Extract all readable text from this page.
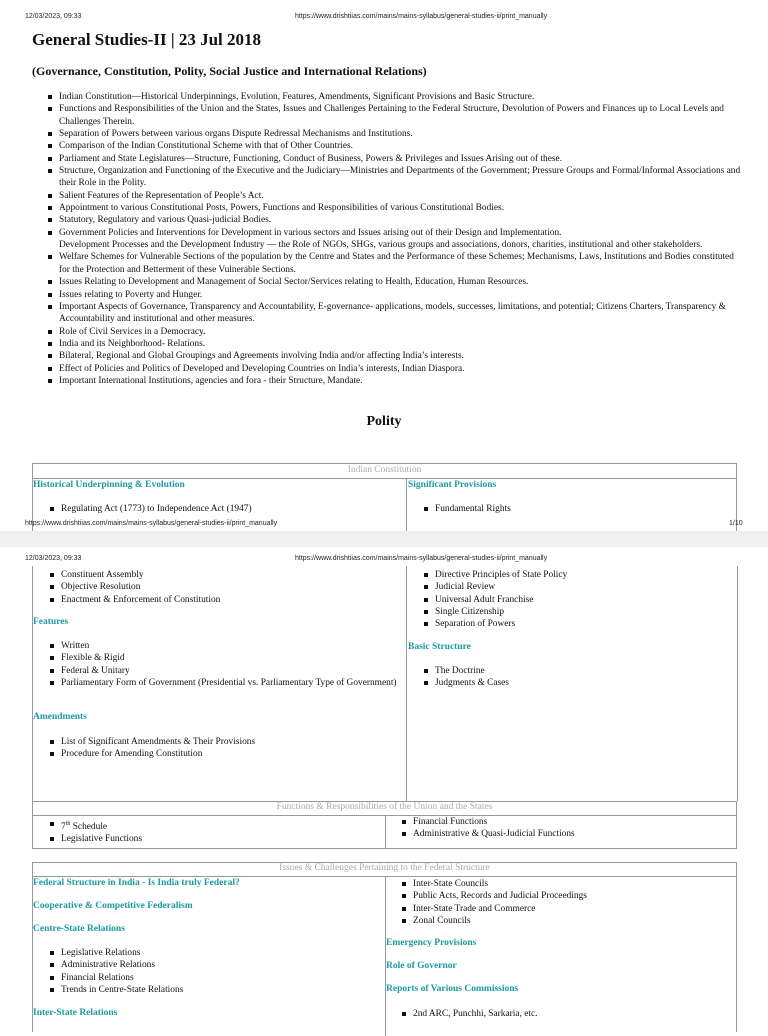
12/03/2023, 09:33	https://www.drishtiias.com/mains/mains-syllabus/general-studies-ii/print_manually
General Studies-II | 23 Jul 2018

(Governance, Constitution, Polity, Social Justice and International Relations)

Indian Constitution—Historical Underpinnings, Evolution, Features, Amendments, Significant Provisions and Basic Structure.
Functions and Responsibilities of the Union and the States, Issues and Challenges Pertaining to the Federal Structure, Devolution of Powers and Finances up to Local Levels and Challenges Therein.
Separation of Powers between various organs Dispute Redressal Mechanisms and Institutions.
Comparison of the Indian Constitutional Scheme with that of Other Countries.
Parliament and State Legislatures—Structure, Functioning, Conduct of Business, Powers & Privileges and Issues Arising out of these.
Structure, Organization and Functioning of the Executive and the Judiciary—Ministries and Departments of the Government; Pressure Groups and Formal/Informal Associations and their Role in the Polity.
Salient Features of the Representation of People’s Act.
Appointment to various Constitutional Posts, Powers, Functions and Responsibilities of various Constitutional Bodies.
Statutory, Regulatory and various Quasi-judicial Bodies.
Government Policies and Interventions for Development in various sectors and Issues arising out of their Design and Implementation.
Development Processes and the Development Industry — the Role of NGOs, SHGs, various groups and associations, donors, charities, institutional and other stakeholders.
Welfare Schemes for Vulnerable Sections of the population by the Centre and States and the Performance of these Schemes; Mechanisms, Laws, Institutions and Bodies constituted for the Protection and Betterment of these Vulnerable Sections.
Issues Relating to Development and Management of Social Sector/Services relating to Health, Education, Human Resources.
Issues relating to Poverty and Hunger.
Important Aspects of Governance, Transparency and Accountability, E-governance- applications, models, successes, limitations, and potential; Citizens Charters, Transparency & Accountability and institutional and other measures.
Role of Civil Services in a Democracy.
India and its Neighborhood- Relations.
Bilateral, Regional and Global Groupings and Agreements involving India and/or affecting India’s interests.
Effect of Policies and Politics of Developed and Developing Countries on India’s interests, Indian Diaspora.
Important International Institutions, agencies and fora - their Structure, Mandate.
Polity
Indian Constitution

Historical Underpinning & Evolution	Significant Provisions

Regulating Act (1773) to Independence Act (1947)	Fundamental Rights
https://www.drishtiias.com/mains/mains-syllabus/general-studies-ii/print_manually	1/10
12/03/2023, 09:33	https://www.drishtiias.com/mains/mains-syllabus/general-studies-ii/print_manually
Constituent Assembly
Objective Resolution
Enactment & Enforcement of Constitution

Features

Written
Flexible & Rigid
Federal & Unitary
Parliamentary Form of Government (Presidential vs. Parliamentary Type of Government)

Amendments

List of Significant Amendments & Their Provisions
Procedure for Amending Constitution
Directive Principles of State Policy
Judicial Review
Universal Adult Franchise
Single Citizenship
Separation of Powers

Basic Structure

The Doctrine
Judgments & Cases
Functions & Responsibilities of the Union and the States
7th Schedule
Legislative Functions
Financial Functions
Administrative & Quasi-Judicial Functions
Issues & Challenges Pertaining to the Federal Structure

Federal Structure in India - Is India truly Federal?

Cooperative & Competitive Federalism

Centre-State Relations

Legislative Relations
Administrative Relations
Financial Relations
Trends in Centre-State Relations

Inter-State Relations

Inter-State Councils
Public Acts, Records and Judicial Proceedings
Inter-State Trade and Commerce
Zonal Councils

Emergency Provisions

Role of Governor

Reports of Various Commissions

2nd ARC, Punchhi, Sarkaria, etc.
